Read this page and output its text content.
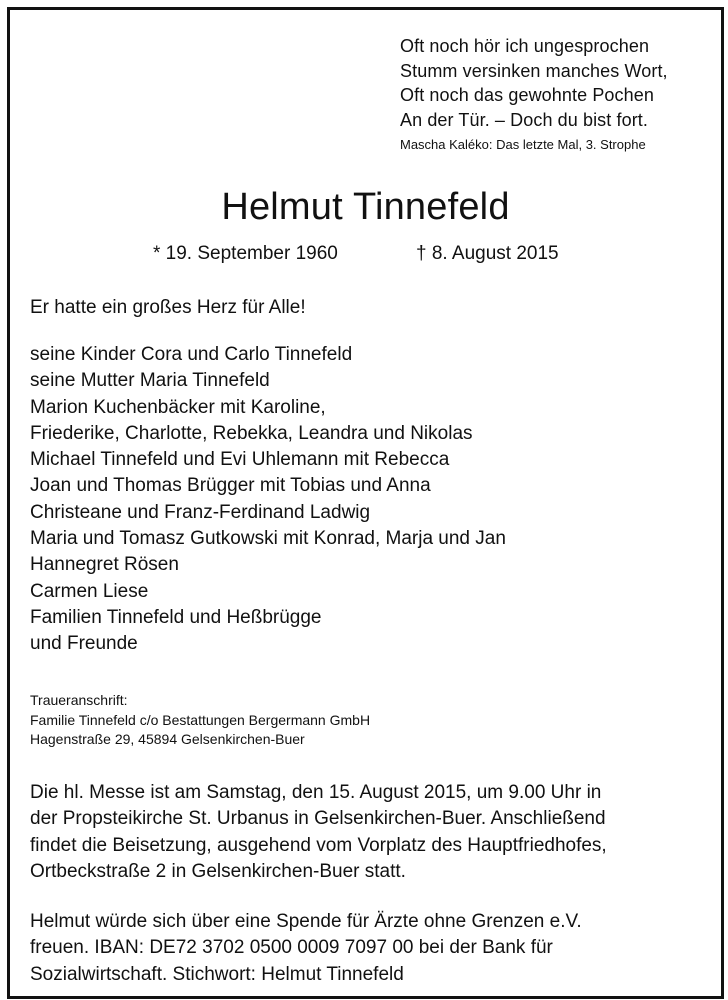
Oft noch hör ich ungesprochen
Stumm versinken manches Wort,
Oft noch das gewohnte Pochen
An der Tür. – Doch du bist fort.
Mascha Kaléko: Das letzte Mal, 3. Strophe
Helmut Tinnefeld
* 19. September 1960	† 8. August 2015
Er hatte ein großes Herz für Alle!
seine Kinder Cora und Carlo Tinnefeld
seine Mutter Maria Tinnefeld
Marion Kuchenbäcker mit Karoline,
Friederike, Charlotte, Rebekka, Leandra und Nikolas
Michael Tinnefeld und Evi Uhlemann mit Rebecca
Joan und Thomas Brügger mit Tobias und Anna
Christeane und Franz-Ferdinand Ladwig
Maria und Tomasz Gutkowski mit Konrad, Marja und Jan
Hannegret Rösen
Carmen Liese
Familien Tinnefeld und Heßbrügge
und Freunde
Traueranschrift:
Familie Tinnefeld c/o Bestattungen Bergermann GmbH
Hagenstraße 29, 45894 Gelsenkirchen-Buer
Die hl. Messe ist am Samstag, den 15. August 2015, um 9.00 Uhr in
der Propsteikirche St. Urbanus in Gelsenkirchen-Buer. Anschließend
findet die Beisetzung, ausgehend vom Vorplatz des Hauptfriedhofes,
Ortbeckstraße 2 in Gelsenkirchen-Buer statt.
Helmut würde sich über eine Spende für Ärzte ohne Grenzen e.V.
freuen. IBAN: DE72 3702 0500 0009 7097 00 bei der Bank für
Sozialwirtschaft. Stichwort: Helmut Tinnefeld
